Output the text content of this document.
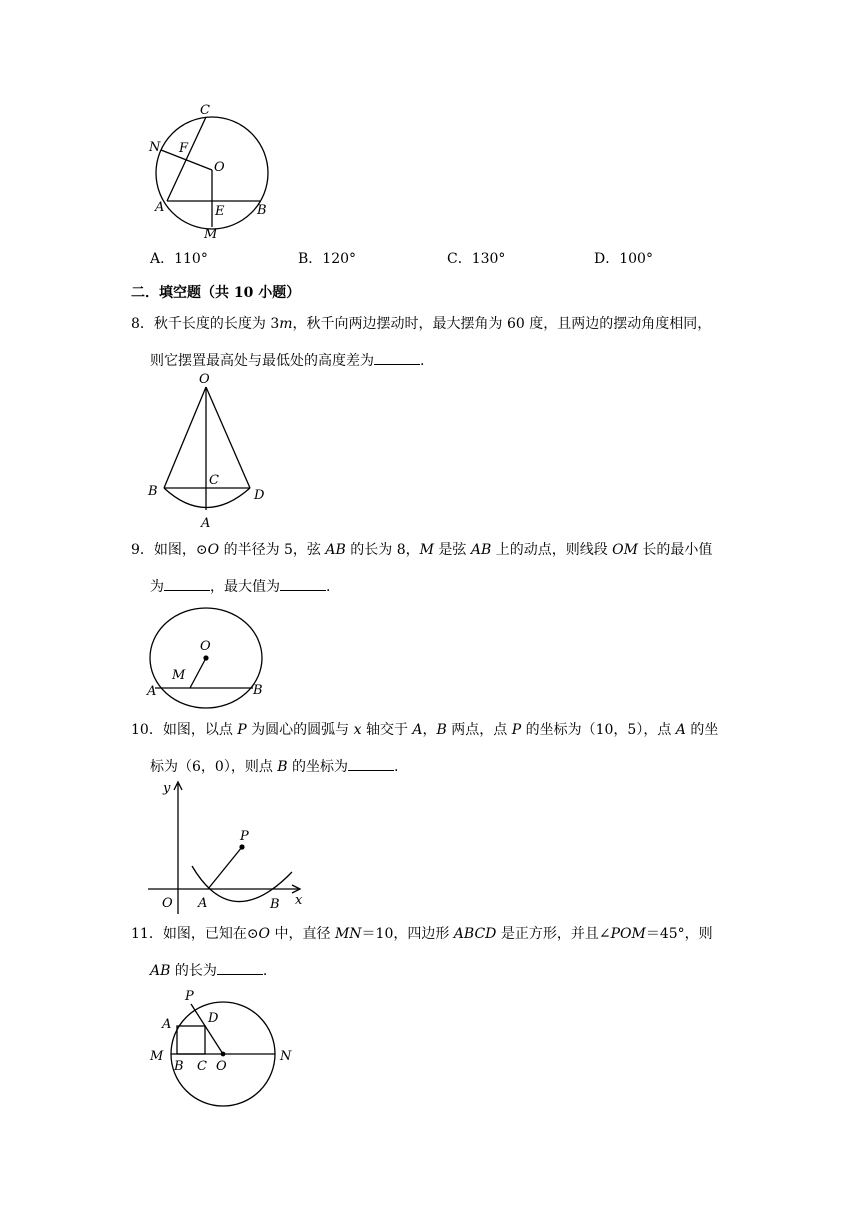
C
N F
O
A	E	B
M
A．110°	B．120°	C．130°	D．100°
二．填空题（共 10 小题）
8．秋千长度的长度为 3m，秋千向两边摆动时，最大摆角为 60 度，且两边的摆动角度相同，
则它摆置最高处与最低处的高度差为	.
O
B
C
D
A
9．如图，⊙O 的半径为 5，弦 AB 的长为 8，M 是弦 AB 上的动点，则线段 OM 长的最小值
为	，最大值为	.
O
M
A	B
10．如图，以点 P 为圆心的圆弧与 x 轴交于 A，B 两点，点 P 的坐标为（10，5），点 A 的坐
标为（6，0），则点 B 的坐标为	.
y
P
O A	B x
11．如图，已知在⊙O 中，直径 MN＝10，四边形 ABCD 是正方形，并且∠POM＝45°，则
AB 的长为	.
P
A	D
M
B C O
N
